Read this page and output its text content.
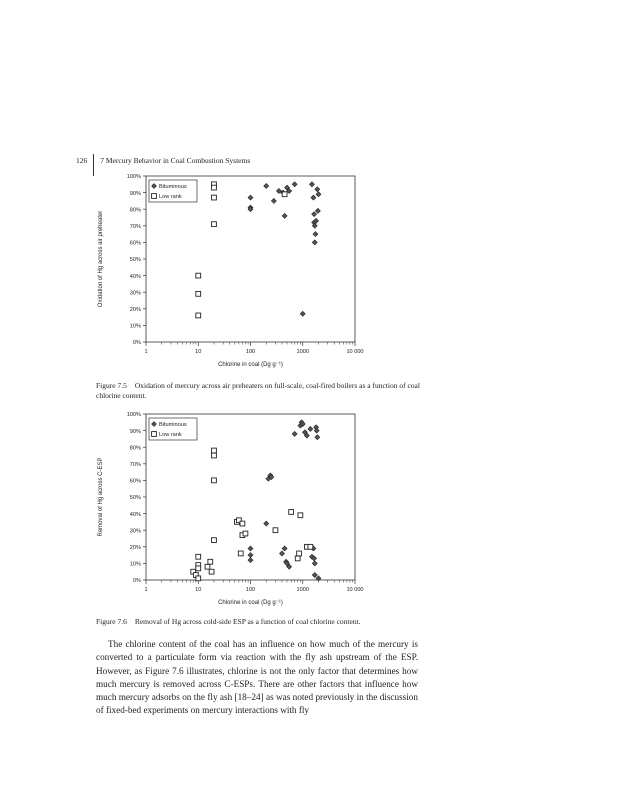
126 7 Mercury Behavior in Coal Combustion Systems
0%
10%
20%
30%
40%
50%
60%
70%
80%
90%
100%
1	10	100	1000	10 000
Chlorine in coal (Dg g⁻¹)
Oxidation of Hg across air preheater
Bituminous
Low rank
Figure 7.5 Oxidation of mercury across air preheaters on full-scale, coal-fired boilers as a function of coal chlorine content.
0%
10%
20%
30%
40%
50%
60%
70%
80%
90%
100%
1	10	100	1000	10 000
Chlorine in coal (Dg g⁻¹)
Removal of Hg across C-ESP
Bituminous
Low rank
Figure 7.6 Removal of Hg across cold-side ESP as a function of coal chlorine content.
The chlorine content of the coal has an influence on how much of the mercury is converted to a particulate form via reaction with the fly ash upstream of the ESP. However, as Figure 7.6 illustrates, chlorine is not the only factor that determines how much mercury is removed across C-ESPs. There are other factors that influence how much mercury adsorbs on the fly ash [18–24] as was noted previously in the discussion of fixed-bed experiments on mercury interactions with fly
